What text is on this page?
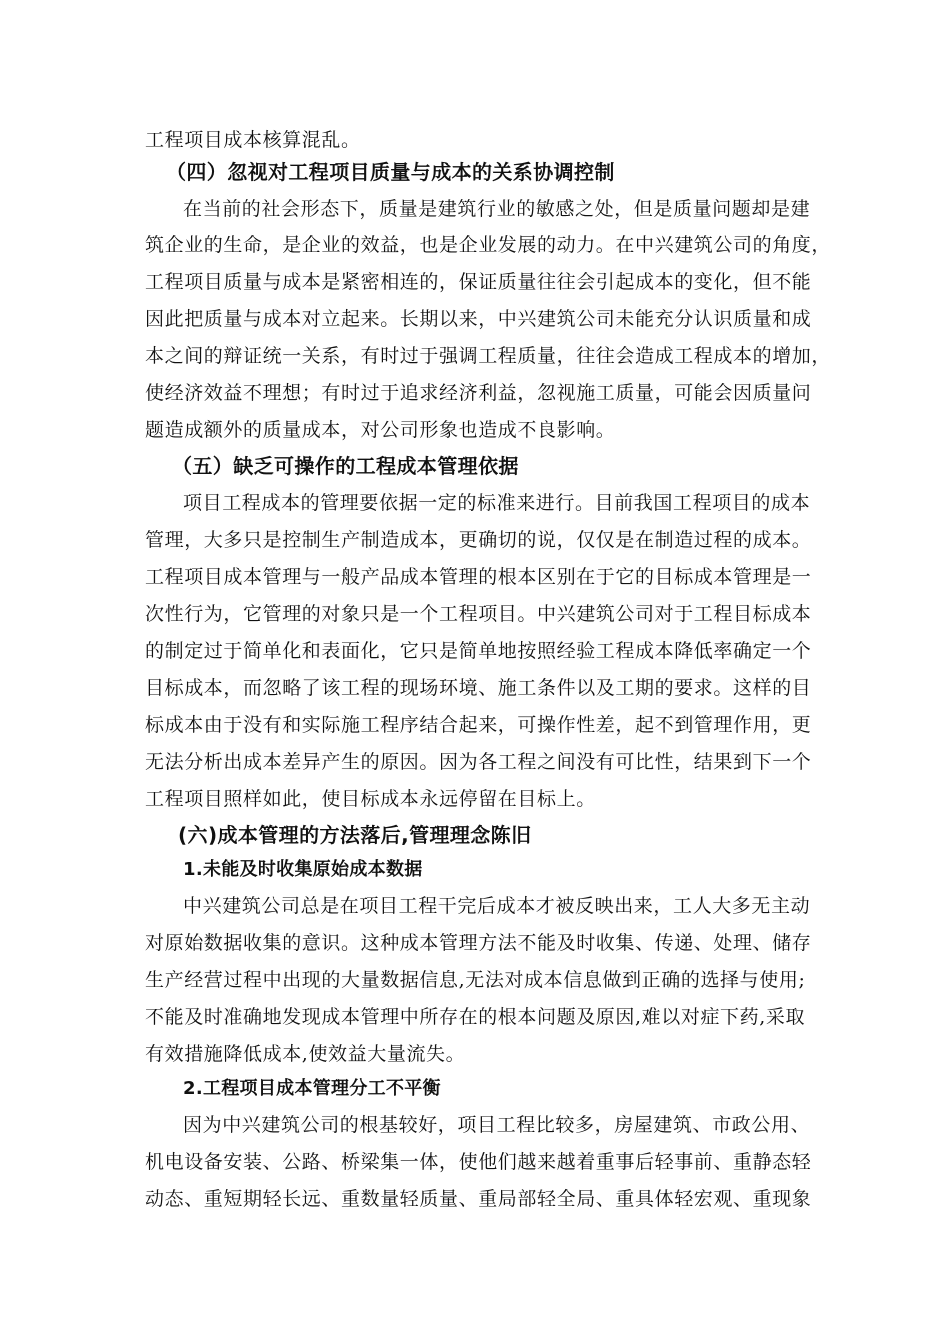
工程项目成本核算混乱。
（四）忽视对工程项目质量与成本的关系协调控制
在当前的社会形态下，质量是建筑行业的敏感之处，但是质量问题却是建
筑企业的生命，是企业的效益，也是企业发展的动力。在中兴建筑公司的角度，
工程项目质量与成本是紧密相连的，保证质量往往会引起成本的变化，但不能
因此把质量与成本对立起来。长期以来，中兴建筑公司未能充分认识质量和成
本之间的辩证统一关系，有时过于强调工程质量，往往会造成工程成本的增加，
使经济效益不理想；有时过于追求经济利益，忽视施工质量，可能会因质量问
题造成额外的质量成本，对公司形象也造成不良影响。
（五）缺乏可操作的工程成本管理依据
项目工程成本的管理要依据一定的标准来进行。目前我国工程项目的成本
管理，大多只是控制生产制造成本，更确切的说，仅仅是在制造过程的成本。
工程项目成本管理与一般产品成本管理的根本区别在于它的目标成本管理是一
次性行为，它管理的对象只是一个工程项目。中兴建筑公司对于工程目标成本
的制定过于简单化和表面化，它只是简单地按照经验工程成本降低率确定一个
目标成本，而忽略了该工程的现场环境、施工条件以及工期的要求。这样的目
标成本由于没有和实际施工程序结合起来，可操作性差，起不到管理作用，更
无法分析出成本差异产生的原因。因为各工程之间没有可比性，结果到下一个
工程项目照样如此，使目标成本永远停留在目标上。
(六)成本管理的方法落后,管理理念陈旧
1.未能及时收集原始成本数据
中兴建筑公司总是在项目工程干完后成本才被反映出来，工人大多无主动
对原始数据收集的意识。这种成本管理方法不能及时收集、传递、处理、储存
生产经营过程中出现的大量数据信息,无法对成本信息做到正确的选择与使用;
不能及时准确地发现成本管理中所存在的根本问题及原因,难以对症下药,采取
有效措施降低成本,使效益大量流失。
2.工程项目成本管理分工不平衡
因为中兴建筑公司的根基较好，项目工程比较多，房屋建筑、市政公用、
机电设备安装、公路、桥梁集一体，使他们越来越着重事后轻事前、重静态轻
动态、重短期轻长远、重数量轻质量、重局部轻全局、重具体轻宏观、重现象
